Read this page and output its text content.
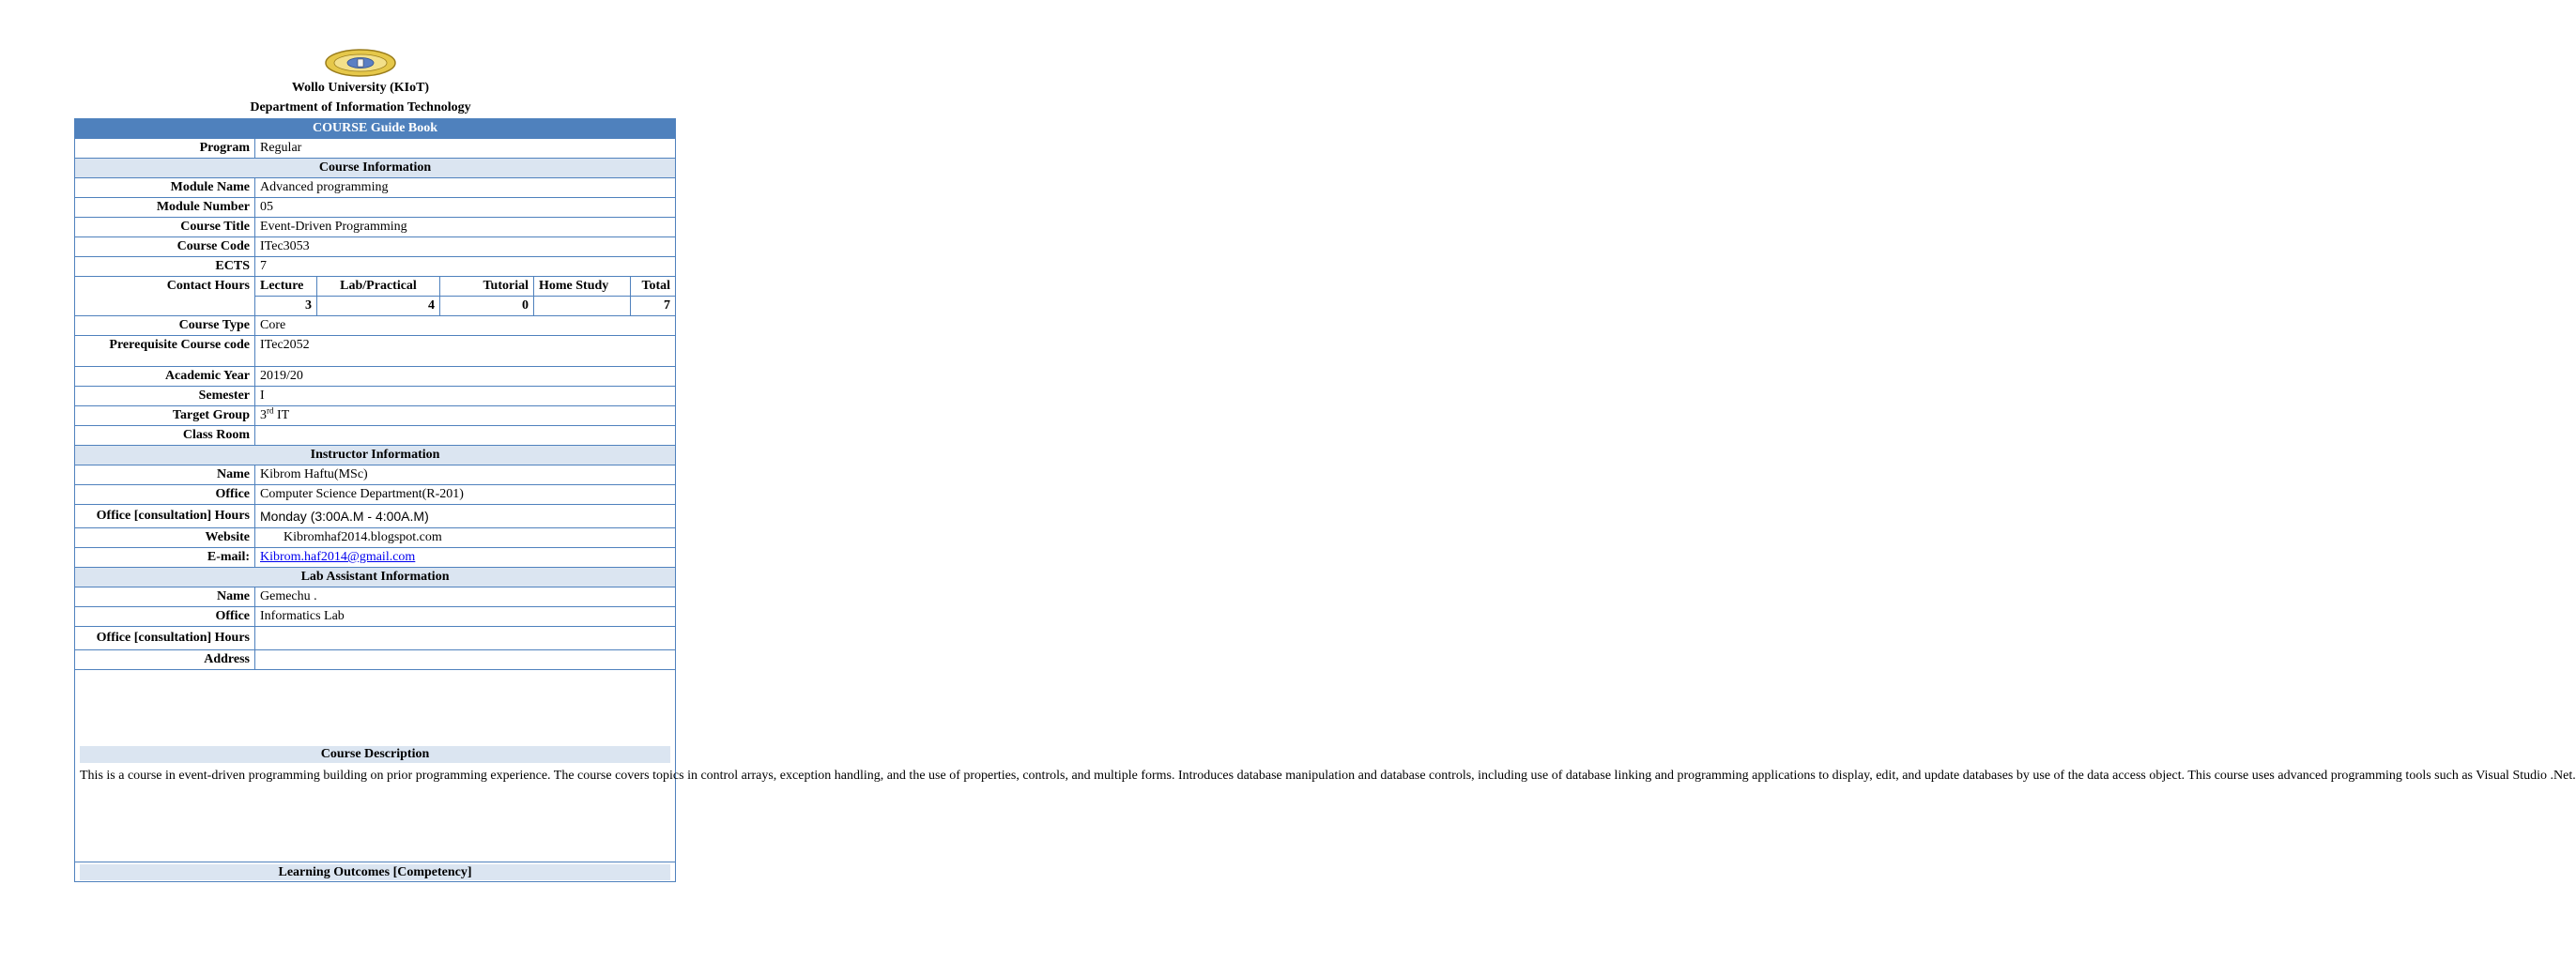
Wollo University (KIoT)
Department of Information Technology
COURSE Guide Book					
Program	Regular				
Course Information					
Module Name	Advanced programming				
Module Number	05				
Course Title	Event-Driven Programming				
Course Code	ITec3053				
ECTS	7				
Contact Hours	Lecture	Lab/Practical	Tutorial	Home Study	Total
	3	4	0		7
Course Type	Core				
Prerequisite Course code	ITec2052				
Academic Year	2019/20				
Semester	I				
Target Group	3rd IT				
Class Room					
Instructor Information					
Name	Kibrom Haftu(MSc)				
Office	Computer Science Department(R-201)				
Office [consultation] Hours	Monday (3:00A.M - 4:00A.M)				
Website	Kibromhaf2014.blogspot.com				
E-mail:	Kibrom.haf2014@gmail.com				
Lab Assistant Information					
Name	Gemechu .				
Office	Informatics Lab				
Office [consultation] Hours					
Address					

Course Description
This is a course in event-driven programming building on prior programming experience. The course covers topics in control arrays, exception handling, and the use of properties, controls, and multiple forms. Introduces database manipulation and database controls, including use of database linking and programming applications to display, edit, and update databases by use of the data access object. This course uses advanced programming tools such as Visual Studio .Net.					

Learning Outcomes [Competency]					
